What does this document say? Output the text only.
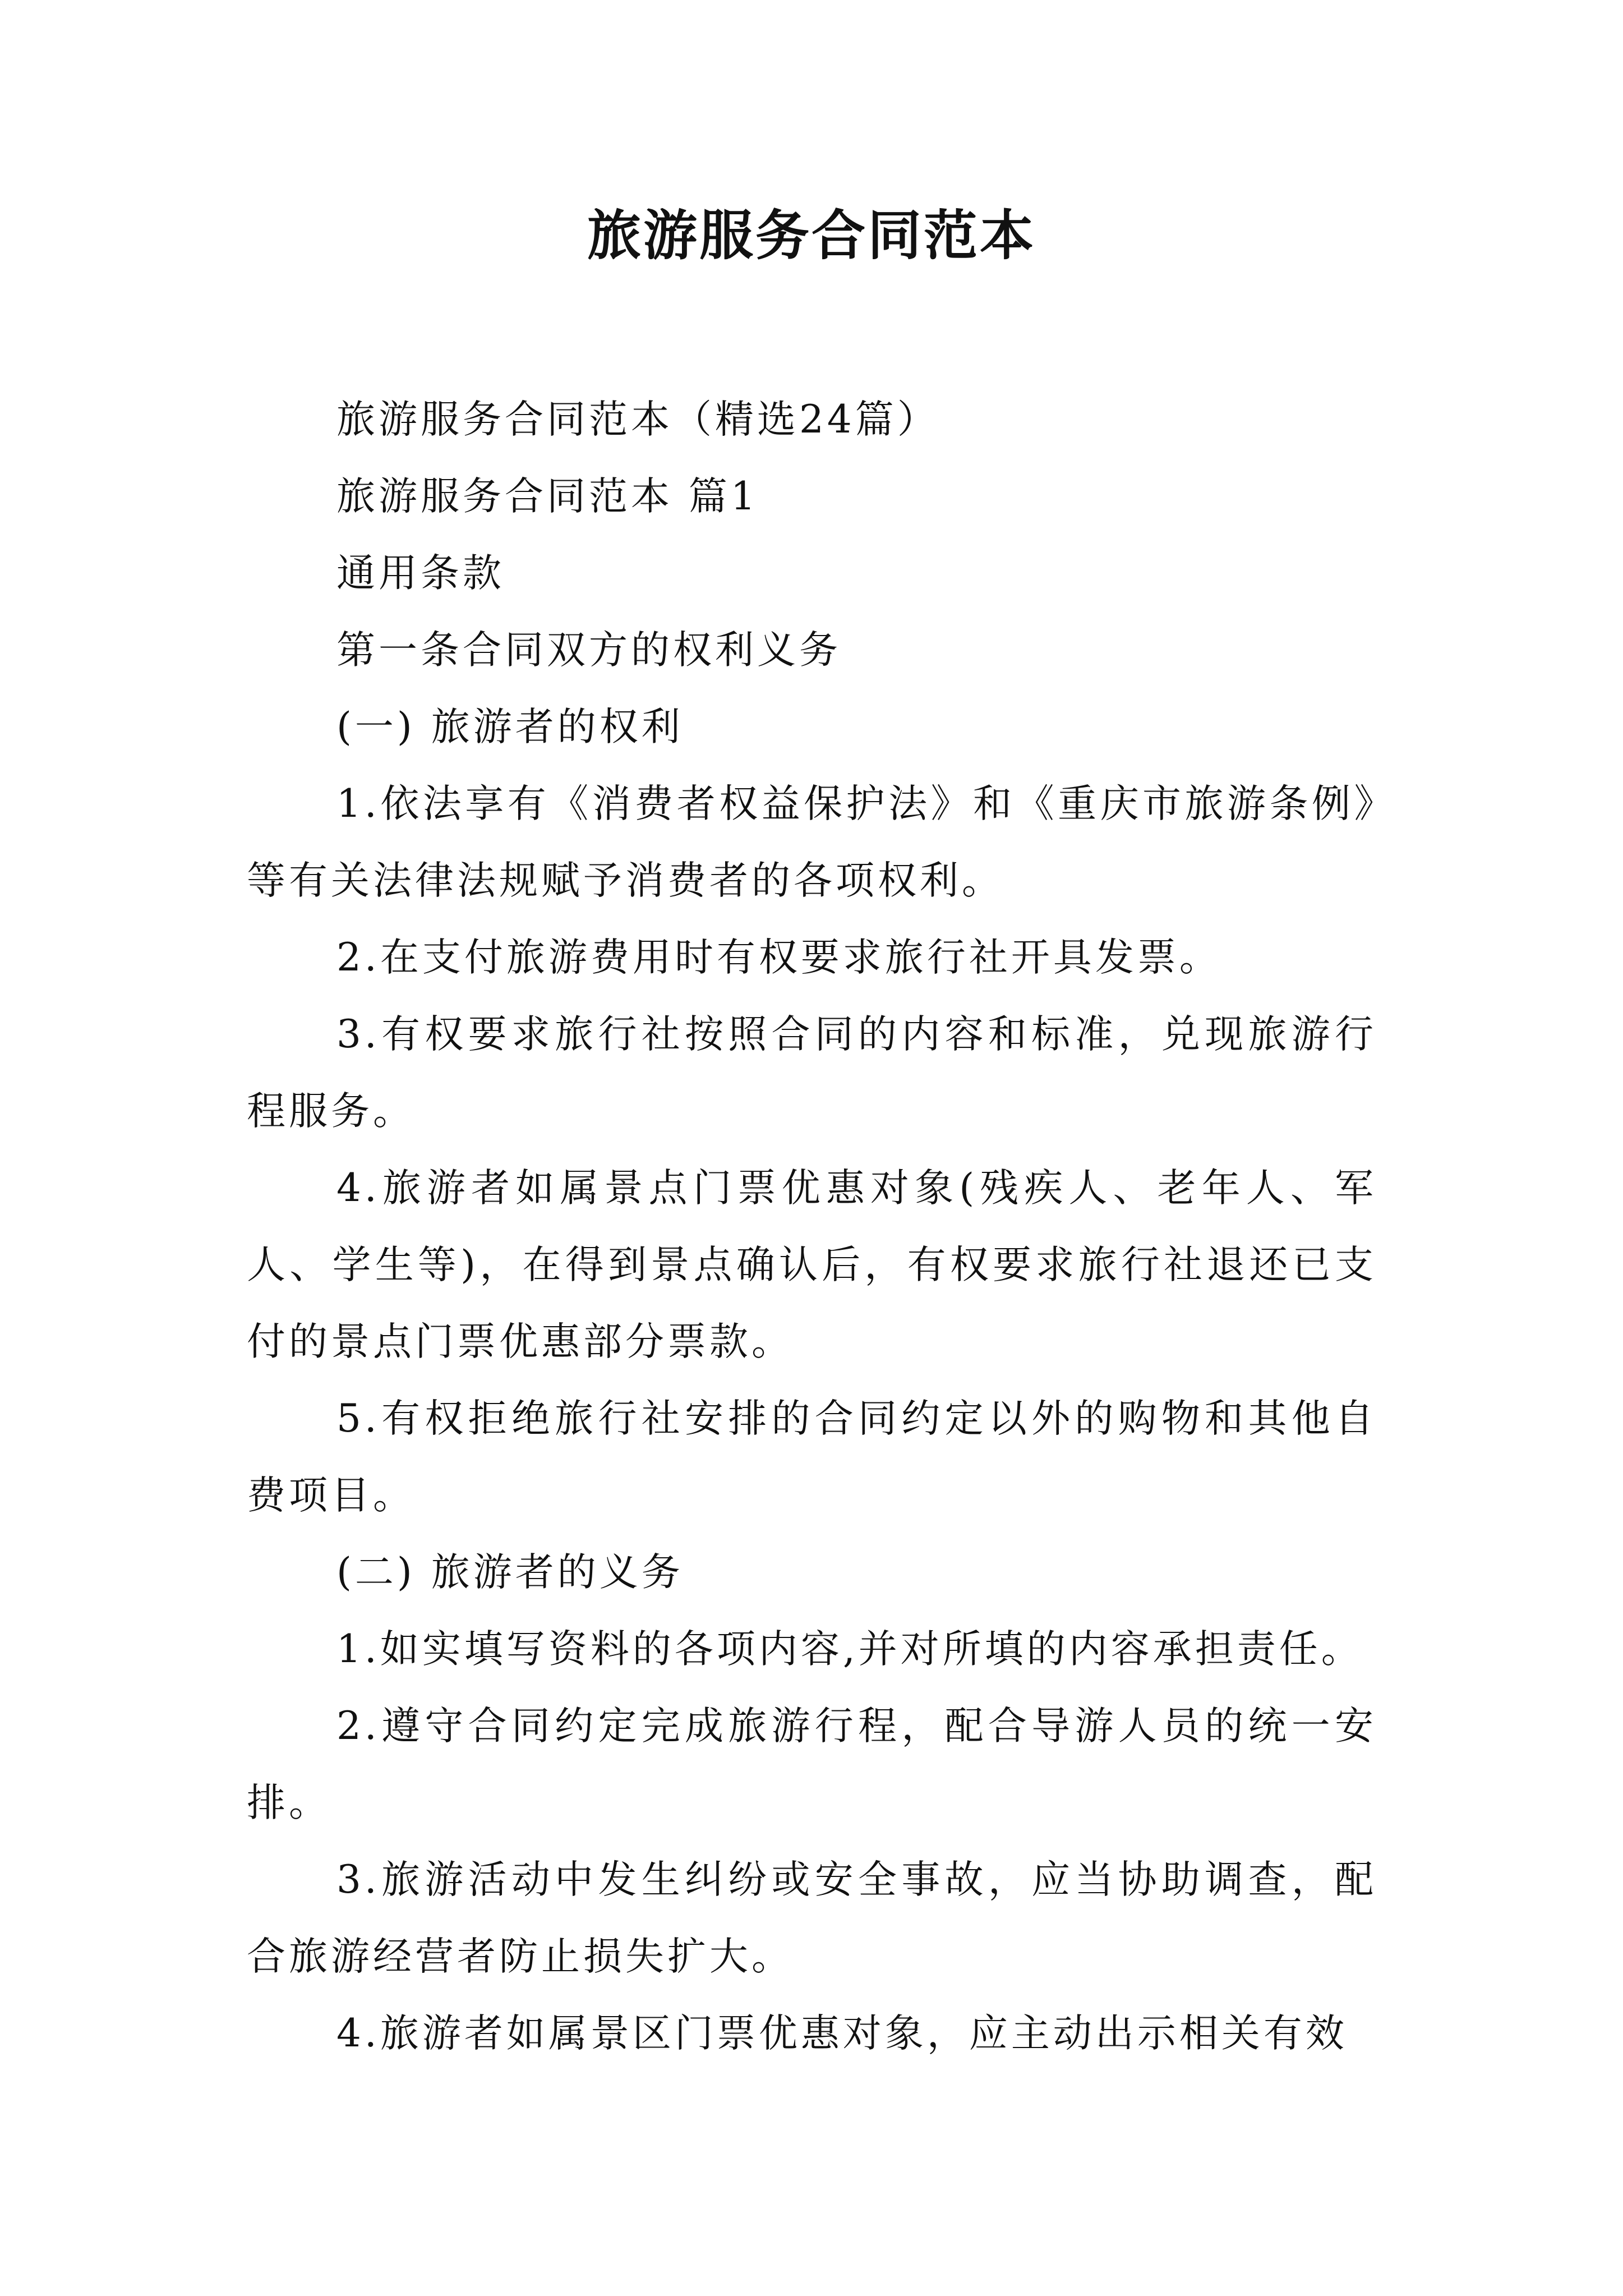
旅游服务合同范本

旅游服务合同范本（精选24篇）

旅游服务合同范本 篇1

通用条款

第一条合同双方的权利义务

(一) 旅游者的权利

1.依法享有《消费者权益保护法》和《重庆市旅游条例》等有关法律法规赋予消费者的各项权利。

2.在支付旅游费用时有权要求旅行社开具发票。

3.有权要求旅行社按照合同的内容和标准，兑现旅游行程服务。

4.旅游者如属景点门票优惠对象(残疾人、老年人、军人、学生等)，在得到景点确认后，有权要求旅行社退还已支付的景点门票优惠部分票款。

5.有权拒绝旅行社安排的合同约定以外的购物和其他自费项目。

(二) 旅游者的义务

1.如实填写资料的各项内容,并对所填的内容承担责任。

2.遵守合同约定完成旅游行程，配合导游人员的统一安排。

3.旅游活动中发生纠纷或安全事故，应当协助调查，配合旅游经营者防止损失扩大。

4.旅游者如属景区门票优惠对象，应主动出示相关有效
